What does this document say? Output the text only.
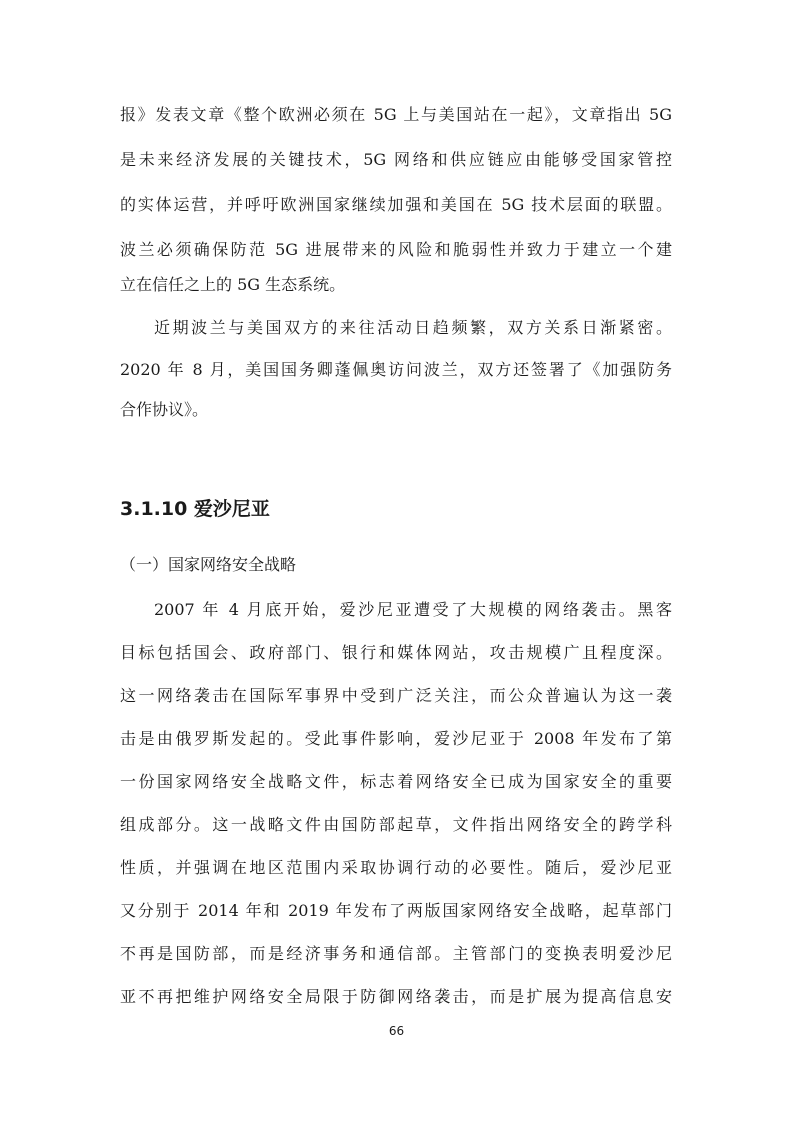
报》发表文章《整个欧洲必须在 5G 上与美国站在一起》，文章指出 5G
是未来经济发展的关键技术，5G 网络和供应链应由能够受国家管控
的实体运营，并呼吁欧洲国家继续加强和美国在 5G 技术层面的联盟。
波兰必须确保防范 5G 进展带来的风险和脆弱性并致力于建立一个建
立在信任之上的 5G 生态系统。
近期波兰与美国双方的来往活动日趋频繁，双方关系日渐紧密。
2020 年 8 月，美国国务卿蓬佩奥访问波兰，双方还签署了《加强防务
合作协议》。
3.1.10 爱沙尼亚
（一）国家网络安全战略
2007 年 4 月底开始，爱沙尼亚遭受了大规模的网络袭击。黑客
目标包括国会、政府部门、银行和媒体网站，攻击规模广且程度深。
这一网络袭击在国际军事界中受到广泛关注，而公众普遍认为这一袭
击是由俄罗斯发起的。受此事件影响，爱沙尼亚于 2008 年发布了第
一份国家网络安全战略文件，标志着网络安全已成为国家安全的重要
组成部分。这一战略文件由国防部起草，文件指出网络安全的跨学科
性质，并强调在地区范围内采取协调行动的必要性。随后，爱沙尼亚
又分别于 2014 年和 2019 年发布了两版国家网络安全战略，起草部门
不再是国防部，而是经济事务和通信部。主管部门的变换表明爱沙尼
亚不再把维护网络安全局限于防御网络袭击，而是扩展为提高信息安
66
